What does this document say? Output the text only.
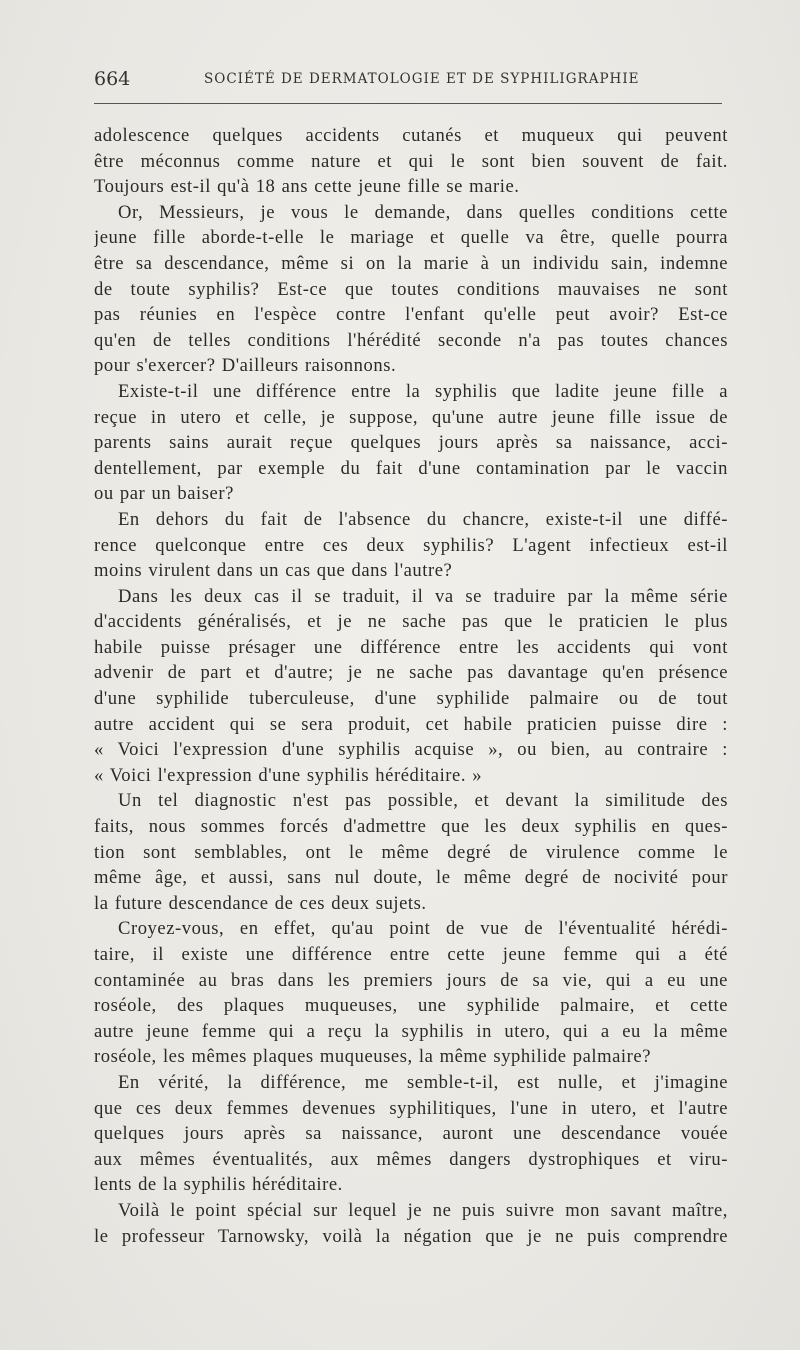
664	SOCIÉTÉ DE DERMATOLOGIE ET DE SYPHILIGRAPHIE
adolescence quelques accidents cutanés et muqueux qui peuvent
être méconnus comme nature et qui le sont bien souvent de fait.
Toujours est-il qu'à 18 ans cette jeune fille se marie.
Or, Messieurs, je vous le demande, dans quelles conditions cette
jeune fille aborde-t-elle le mariage et quelle va être, quelle pourra
être sa descendance, même si on la marie à un individu sain, indemne
de toute syphilis? Est-ce que toutes conditions mauvaises ne sont
pas réunies en l'espèce contre l'enfant qu'elle peut avoir? Est-ce
qu'en de telles conditions l'hérédité seconde n'a pas toutes chances
pour s'exercer? D'ailleurs raisonnons.
Existe-t-il une différence entre la syphilis que ladite jeune fille a
reçue in utero et celle, je suppose, qu'une autre jeune fille issue de
parents sains aurait reçue quelques jours après sa naissance, acci-
dentellement, par exemple du fait d'une contamination par le vaccin
ou par un baiser?
En dehors du fait de l'absence du chancre, existe-t-il une diffé-
rence quelconque entre ces deux syphilis? L'agent infectieux est-il
moins virulent dans un cas que dans l'autre?
Dans les deux cas il se traduit, il va se traduire par la même série
d'accidents généralisés, et je ne sache pas que le praticien le plus
habile puisse présager une différence entre les accidents qui vont
advenir de part et d'autre; je ne sache pas davantage qu'en présence
d'une syphilide tuberculeuse, d'une syphilide palmaire ou de tout
autre accident qui se sera produit, cet habile praticien puisse dire :
« Voici l'expression d'une syphilis acquise », ou bien, au contraire :
« Voici l'expression d'une syphilis héréditaire. »
Un tel diagnostic n'est pas possible, et devant la similitude des
faits, nous sommes forcés d'admettre que les deux syphilis en ques-
tion sont semblables, ont le même degré de virulence comme le
même âge, et aussi, sans nul doute, le même degré de nocivité pour
la future descendance de ces deux sujets.
Croyez-vous, en effet, qu'au point de vue de l'éventualité hérédi-
taire, il existe une différence entre cette jeune femme qui a été
contaminée au bras dans les premiers jours de sa vie, qui a eu une
roséole, des plaques muqueuses, une syphilide palmaire, et cette
autre jeune femme qui a reçu la syphilis in utero, qui a eu la même
roséole, les mêmes plaques muqueuses, la même syphilide palmaire?
En vérité, la différence, me semble-t-il, est nulle, et j'imagine
que ces deux femmes devenues syphilitiques, l'une in utero, et l'autre
quelques jours après sa naissance, auront une descendance vouée
aux mêmes éventualités, aux mêmes dangers dystrophiques et viru-
lents de la syphilis héréditaire.
Voilà le point spécial sur lequel je ne puis suivre mon savant maître,
le professeur Tarnowsky, voilà la négation que je ne puis comprendre
